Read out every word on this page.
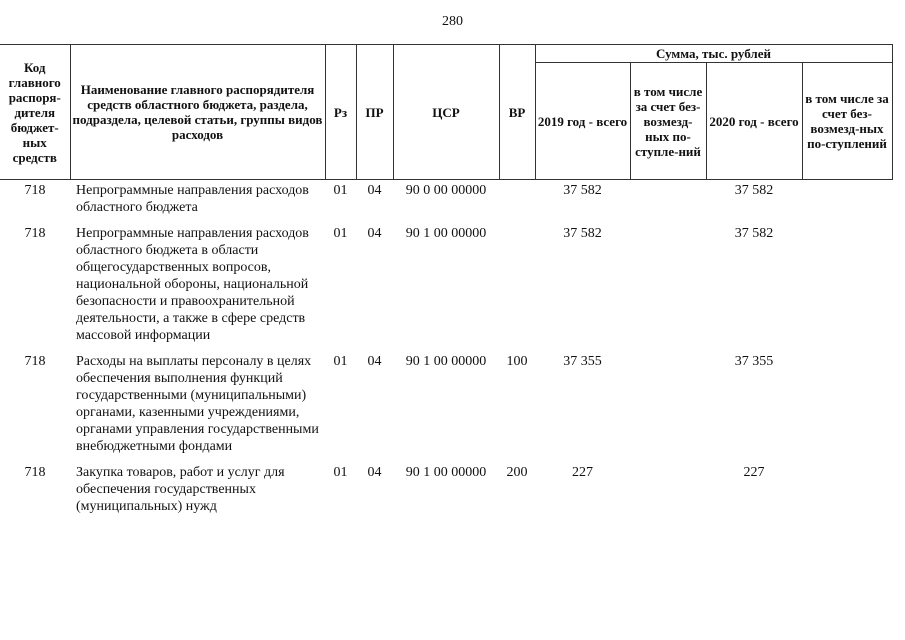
280
Код главного распоря-дителя бюджет-ных средств	Наименование главного распорядителя средств областного бюджета, раздела, подраздела, целевой статьи, группы видов расходов	Рз	ПР	ЦСР	ВР	Сумма, тыс. рублей			
						2019 год - всего	в том числе за счет без-возмезд-ных по-ступле-ний	2020 год - всего	в том числе за счет без-возмезд-ных по-ступлений
718	Непрограммные направления расходов областного бюджета	01	04	90 0 00 00000		37 582		37 582	
718	Непрограммные направления расходов областного бюджета в области общегосударственных вопросов, национальной обороны, национальной безопасности и правоохранительной деятельности, а также в сфере средств массовой информации	01	04	90 1 00 00000		37 582		37 582	
718	Расходы на выплаты персоналу в целях обеспечения выполнения функций государственными (муниципальными) органами, казенными учреждениями, органами управления государственными внебюджетными фондами	01	04	90 1 00 00000	100	37 355		37 355	
718	Закупка товаров, работ и услуг для обеспечения государственных (муниципальных) нужд	01	04	90 1 00 00000	200	227		227	
